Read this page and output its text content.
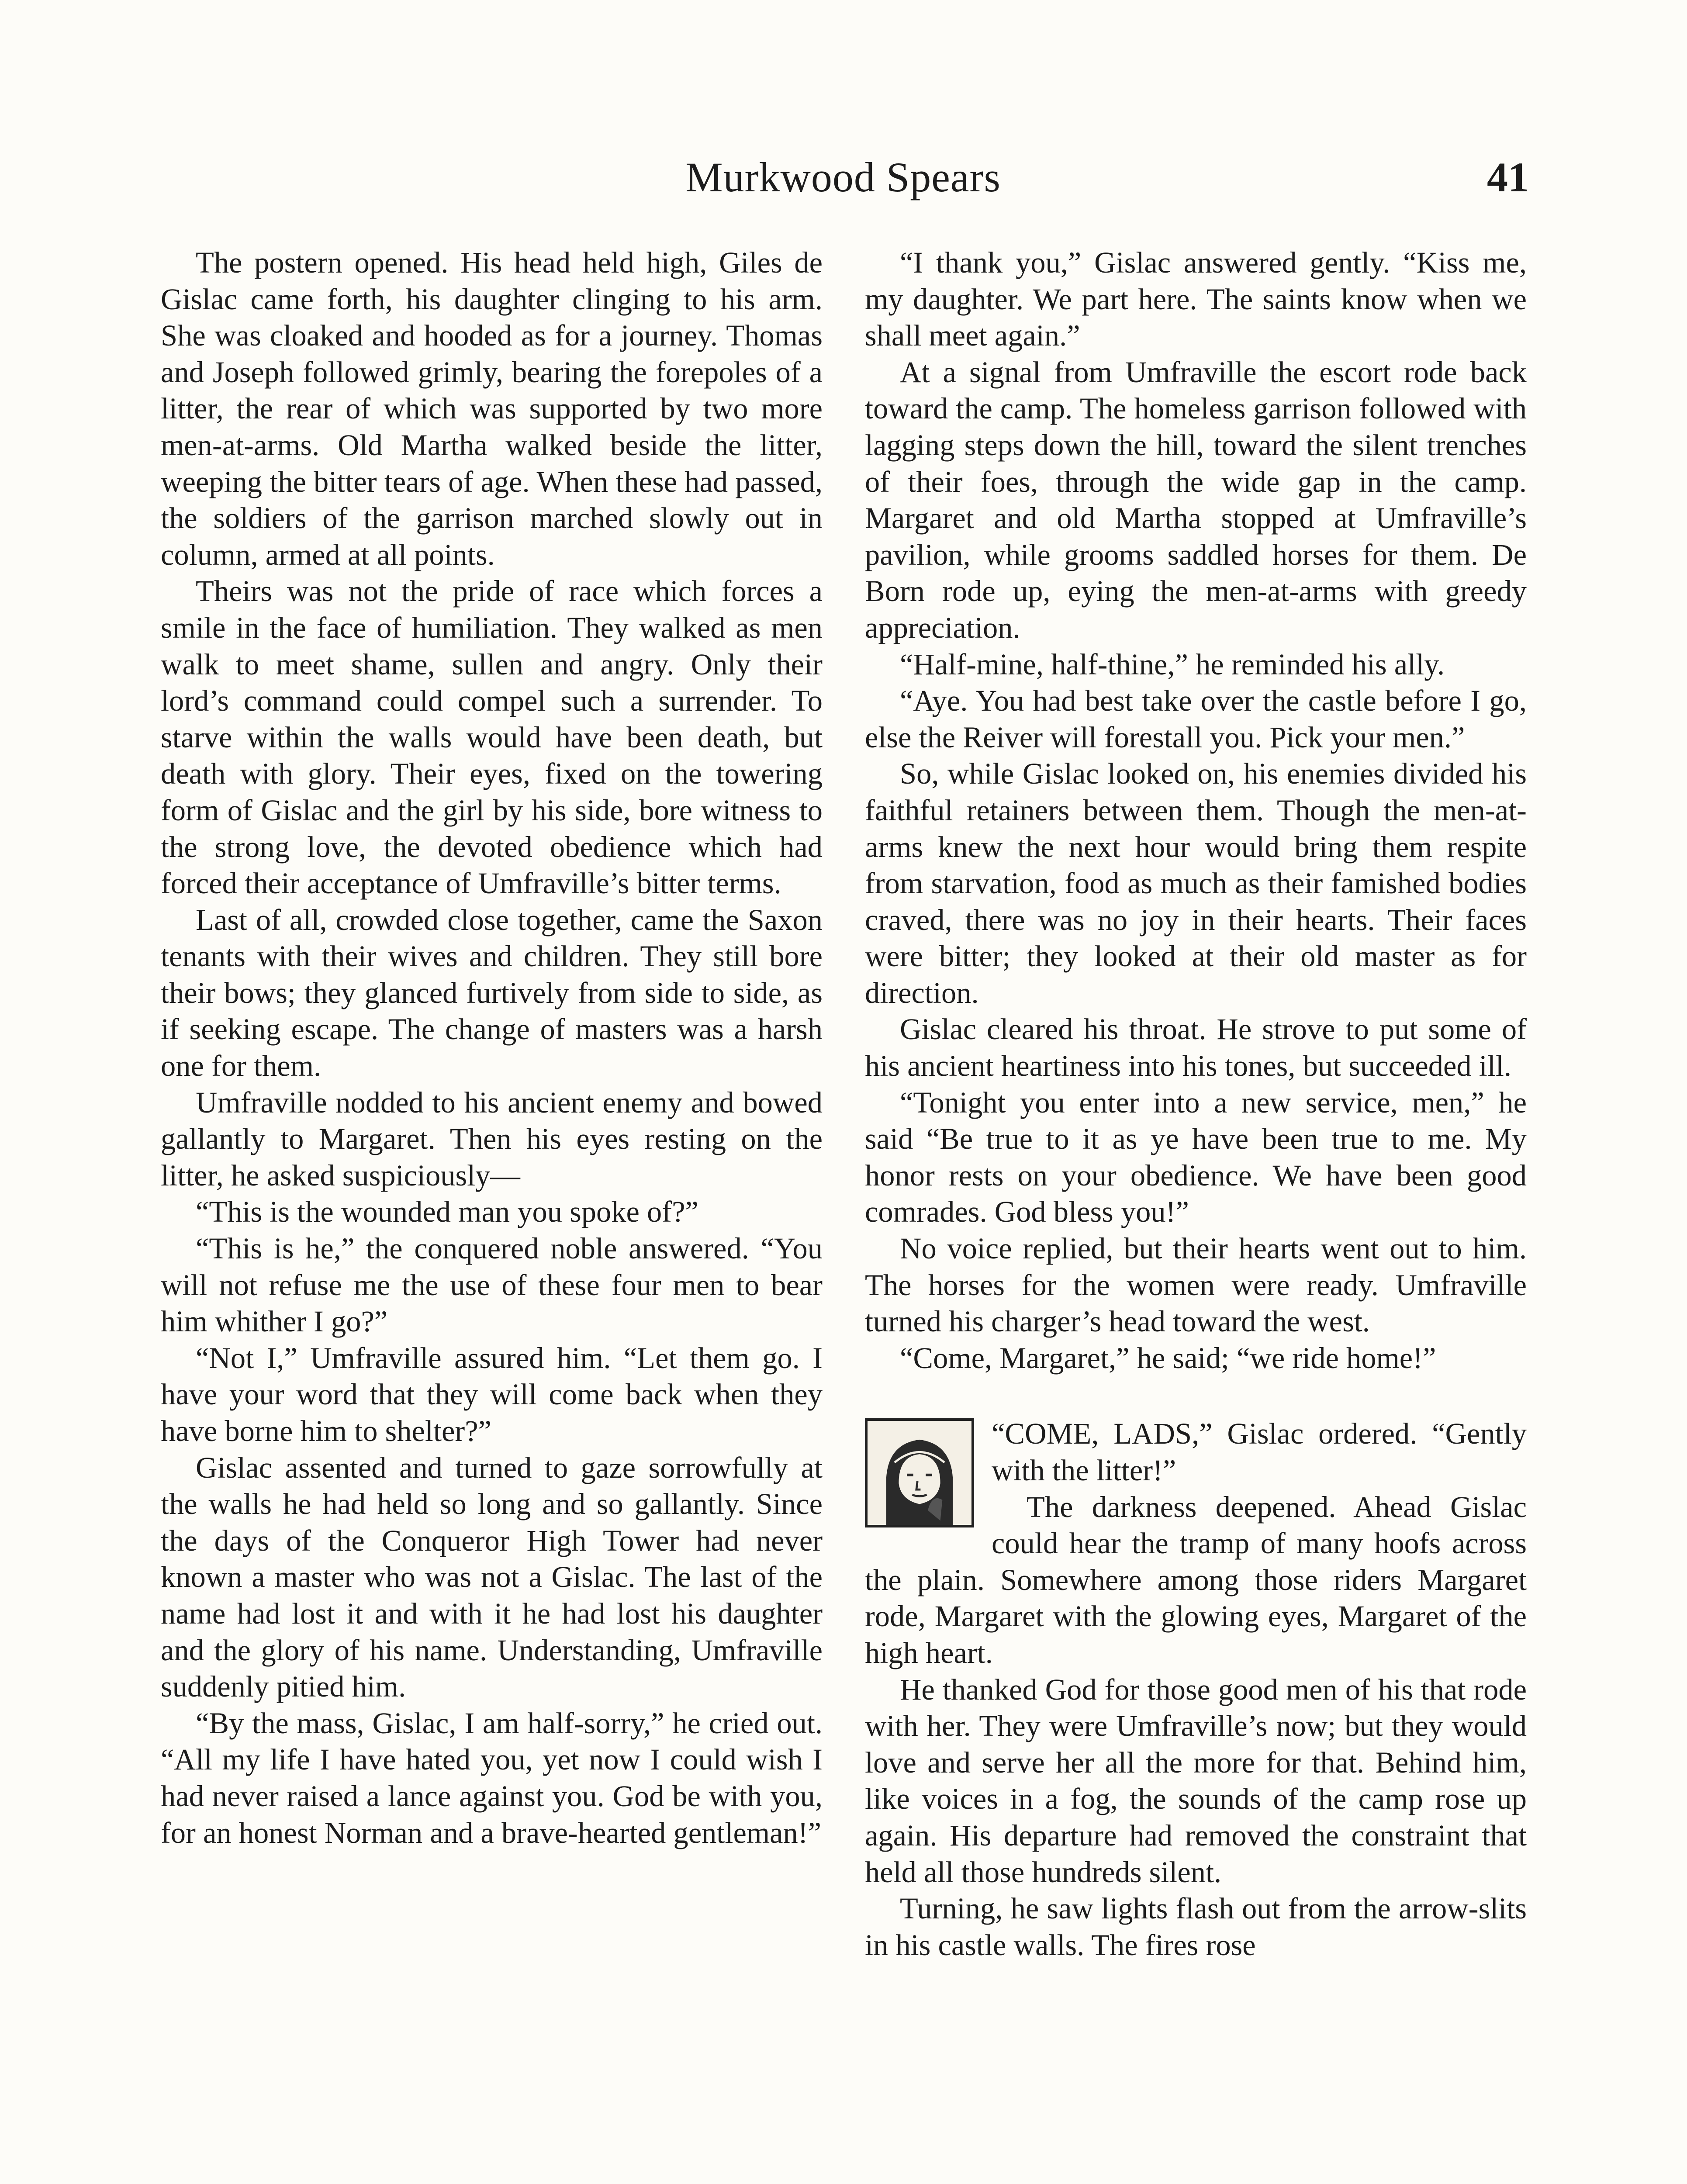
Murkwood Spears	41

The postern opened. His head held high, Giles de Gislac came forth, his daughter clinging to his arm. She was cloaked and hooded as for a journey. Thomas and Joseph followed grimly, bearing the forepoles of a litter, the rear of which was supported by two more men-at-arms. Old Martha walked beside the litter, weeping the bitter tears of age. When these had passed, the soldiers of the garrison marched slowly out in column, armed at all points.

Theirs was not the pride of race which forces a smile in the face of humiliation. They walked as men walk to meet shame, sullen and angry. Only their lord’s command could compel such a surrender. To starve within the walls would have been death, but death with glory. Their eyes, fixed on the towering form of Gislac and the girl by his side, bore witness to the strong love, the devoted obedience which had forced their acceptance of Umfraville’s bitter terms.

Last of all, crowded close together, came the Saxon tenants with their wives and children. They still bore their bows; they glanced furtively from side to side, as if seeking escape. The change of masters was a harsh one for them.

Umfraville nodded to his ancient enemy and bowed gallantly to Margaret. Then his eyes resting on the litter, he asked suspiciously—

“This is the wounded man you spoke of?”

“This is he,” the conquered noble answered. “You will not refuse me the use of these four men to bear him whither I go?”

“Not I,” Umfraville assured him. “Let them go. I have your word that they will come back when they have borne him to shelter?”

Gislac assented and turned to gaze sorrowfully at the walls he had held so long and so gallantly. Since the days of the Conqueror High Tower had never known a master who was not a Gislac. The last of the name had lost it and with it he had lost his daughter and the glory of his name. Understanding, Umfraville suddenly pitied him.

“By the mass, Gislac, I am half-sorry,” he cried out. “All my life I have hated you, yet now I could wish I had never raised a lance against you. God be with you, for an honest Norman and a brave-hearted gentleman!”

“I thank you,” Gislac answered gently. “Kiss me, my daughter. We part here. The saints know when we shall meet again.”

At a signal from Umfraville the escort rode back toward the camp. The homeless garrison followed with lagging steps down the hill, toward the silent trenches of their foes, through the wide gap in the camp. Margaret and old Martha stopped at Umfraville’s pavilion, while grooms saddled horses for them. De Born rode up, eying the men-at-arms with greedy appreciation.

“Half-mine, half-thine,” he reminded his ally.

“Aye. You had best take over the castle before I go, else the Reiver will forestall you. Pick your men.”

So, while Gislac looked on, his enemies divided his faithful retainers between them. Though the men-at-arms knew the next hour would bring them respite from starvation, food as much as their famished bodies craved, there was no joy in their hearts. Their faces were bitter; they looked at their old master as for direction.

Gislac cleared his throat. He strove to put some of his ancient heartiness into his tones, but succeeded ill.

“Tonight you enter into a new service, men,” he said “Be true to it as ye have been true to me. My honor rests on your obedience. We have been good comrades. God bless you!”

No voice replied, but their hearts went out to him. The horses for the women were ready. Umfraville turned his charger’s head toward the west.

“Come, Margaret,” he said; “we ride home!”

“COME, LADS,” Gislac ordered. “Gently with the litter!”

The darkness deepened. Ahead Gislac could hear the tramp of many hoofs across the plain. Somewhere among those riders Margaret rode, Margaret with the glowing eyes, Margaret of the high heart.

He thanked God for those good men of his that rode with her. They were Umfraville’s now; but they would love and serve her all the more for that. Behind him, like voices in a fog, the sounds of the camp rose up again. His departure had removed the constraint that held all those hundreds silent.

Turning, he saw lights flash out from the arrow-slits in his castle walls. The fires rose
